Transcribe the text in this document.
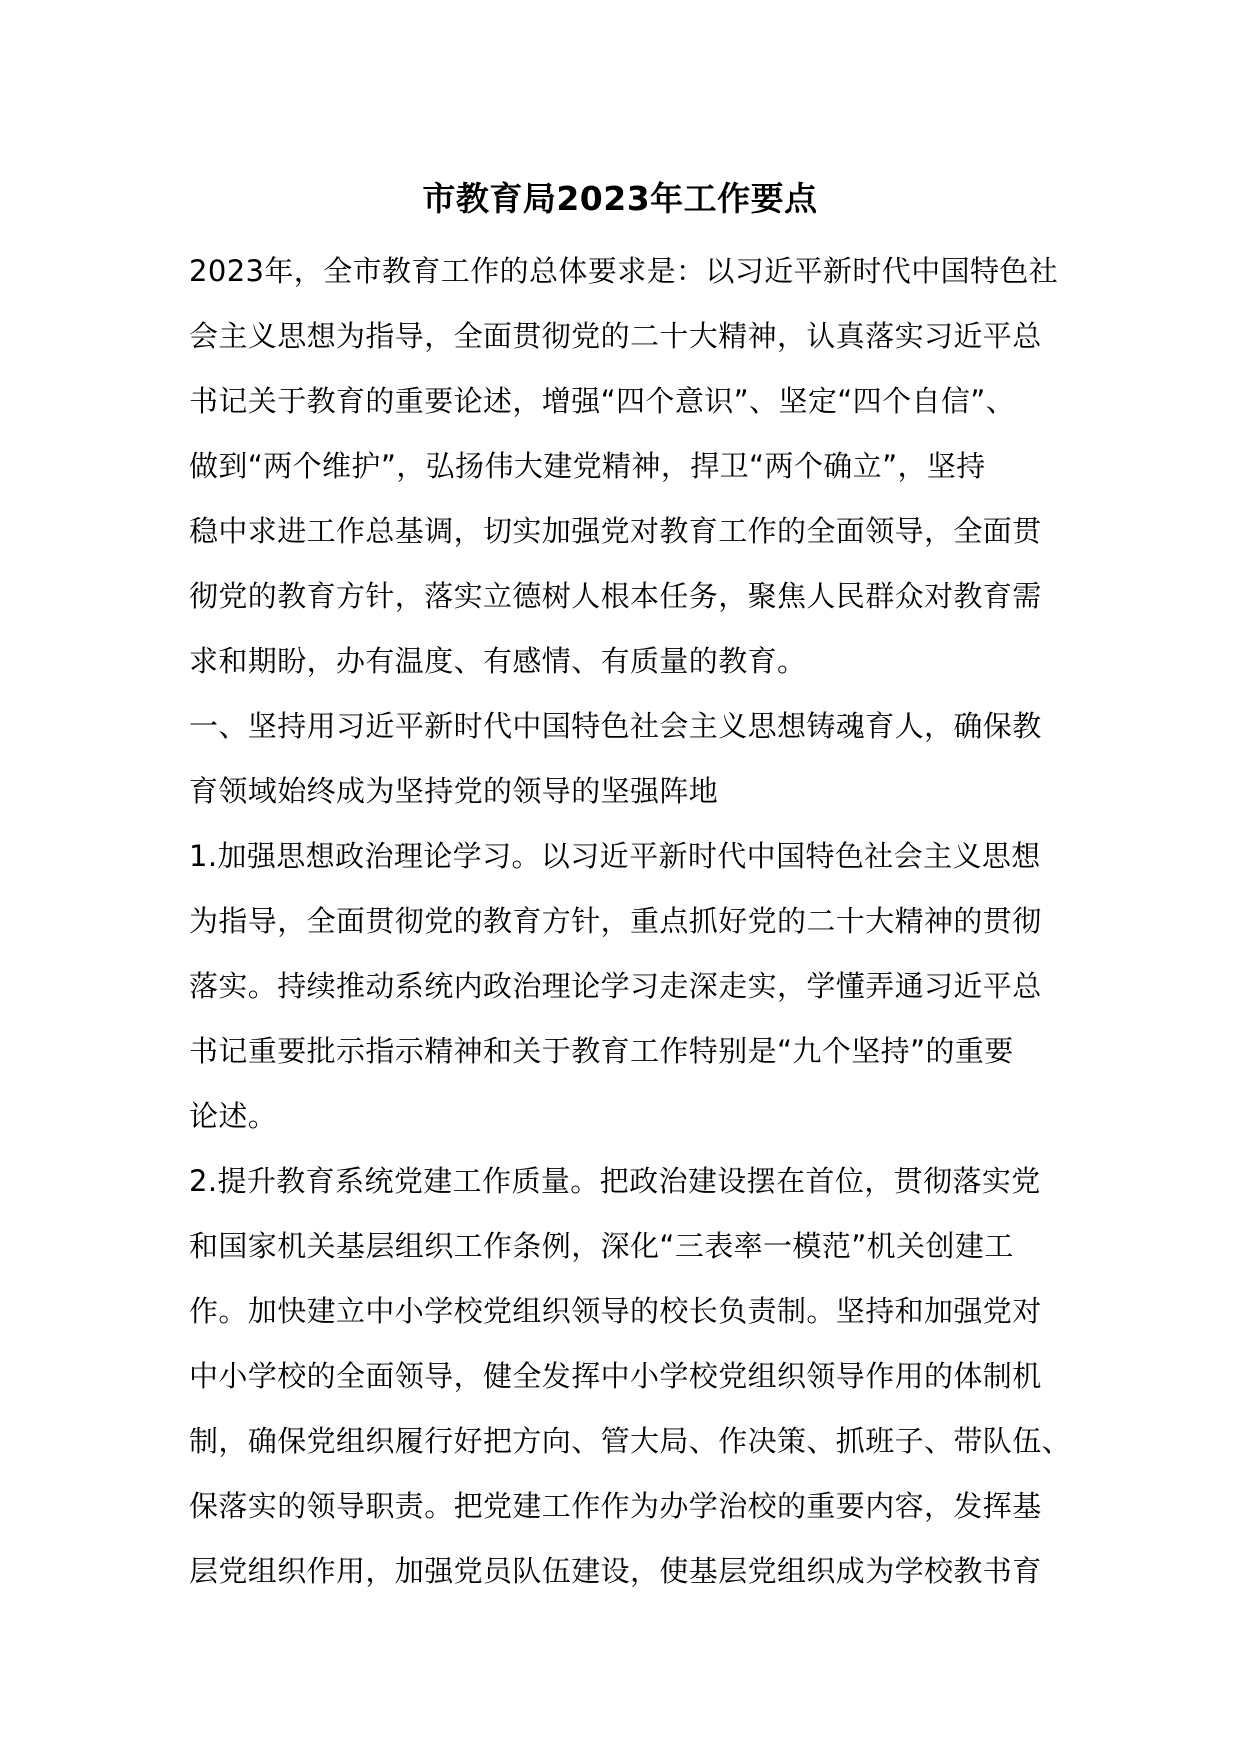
市教育局2023年工作要点
2023年，全市教育工作的总体要求是：以习近平新时代中国特色社
会主义思想为指导，全面贯彻党的二十大精神，认真落实习近平总
书记关于教育的重要论述，增强“四个意识”、坚定“四个自信”、
做到“两个维护”，弘扬伟大建党精神，捍卫“两个确立”，坚持
稳中求进工作总基调，切实加强党对教育工作的全面领导，全面贯
彻党的教育方针，落实立德树人根本任务，聚焦人民群众对教育需
求和期盼，办有温度、有感情、有质量的教育。
一、坚持用习近平新时代中国特色社会主义思想铸魂育人，确保教
育领域始终成为坚持党的领导的坚强阵地
1.加强思想政治理论学习。以习近平新时代中国特色社会主义思想
为指导，全面贯彻党的教育方针，重点抓好党的二十大精神的贯彻
落实。持续推动系统内政治理论学习走深走实，学懂弄通习近平总
书记重要批示指示精神和关于教育工作特别是“九个坚持”的重要
论述。
2.提升教育系统党建工作质量。把政治建设摆在首位，贯彻落实党
和国家机关基层组织工作条例，深化“三表率一模范”机关创建工
作。加快建立中小学校党组织领导的校长负责制。坚持和加强党对
中小学校的全面领导，健全发挥中小学校党组织领导作用的体制机
制，确保党组织履行好把方向、管大局、作决策、抓班子、带队伍、
保落实的领导职责。把党建工作作为办学治校的重要内容，发挥基
层党组织作用，加强党员队伍建设，使基层党组织成为学校教书育
